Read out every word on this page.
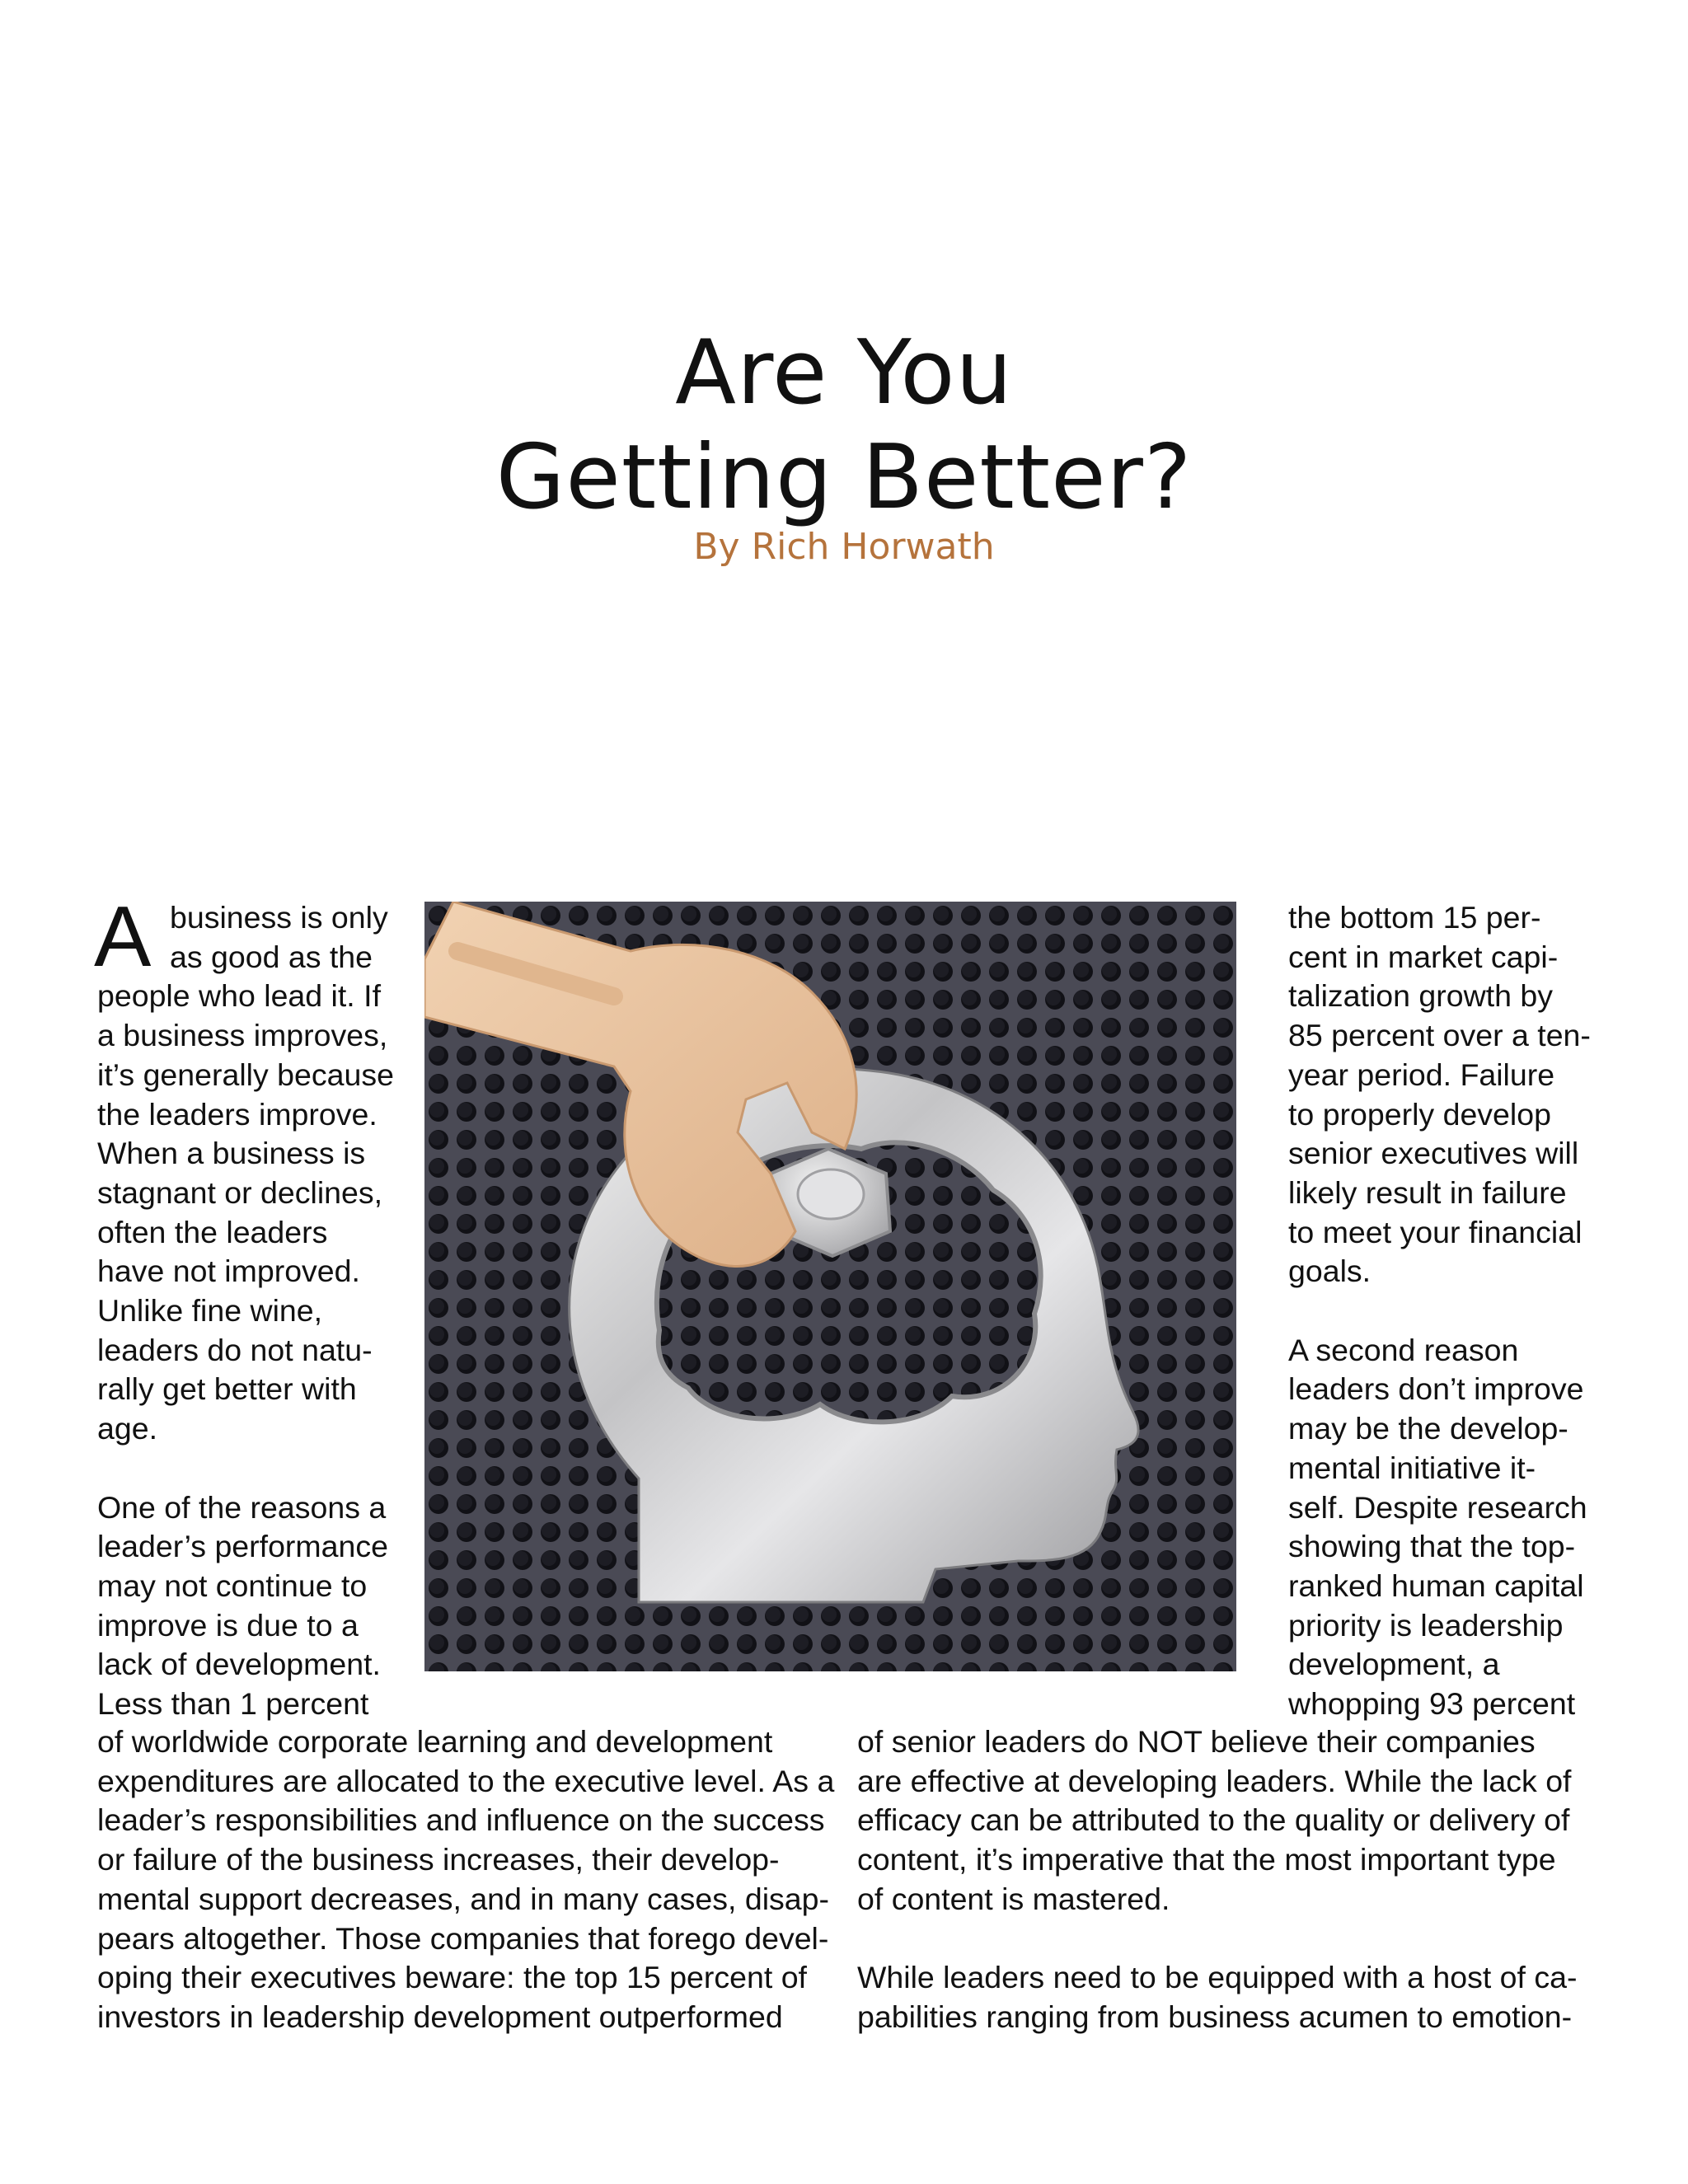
Are You
Getting Better?
By Rich Horwath
A business is only
as good as the
people who lead it. If
a business improves,
it’s generally because
the leaders improve.
When a business is
stagnant or declines,
often the leaders
have not improved.
Unlike fine wine,
leaders do not natu-
rally get better with
age.
One of the reasons a
leader’s performance
may not continue to
improve is due to a
lack of development.
Less than 1 percent
the bottom 15 per-
cent in market capi-
talization growth by
85 percent over a ten-
year period. Failure
to properly develop
senior executives will
likely result in failure
to meet your financial
goals.
A second reason
leaders don’t improve
may be the develop-
mental initiative it-
self. Despite research
showing that the top-
ranked human capital
priority is leadership
development, a
whopping 93 percent
of worldwide corporate learning and development
expenditures are allocated to the executive level. As a
leader’s responsibilities and influence on the success
or failure of the business increases, their develop-
mental support decreases, and in many cases, disap-
pears altogether. Those companies that forego devel-
oping their executives beware: the top 15 percent of
investors in leadership development outperformed
of senior leaders do NOT believe their companies
are effective at developing leaders. While the lack of
efficacy can be attributed to the quality or delivery of
content, it’s imperative that the most important type
of content is mastered.
While leaders need to be equipped with a host of ca-
pabilities ranging from business acumen to emotion-
